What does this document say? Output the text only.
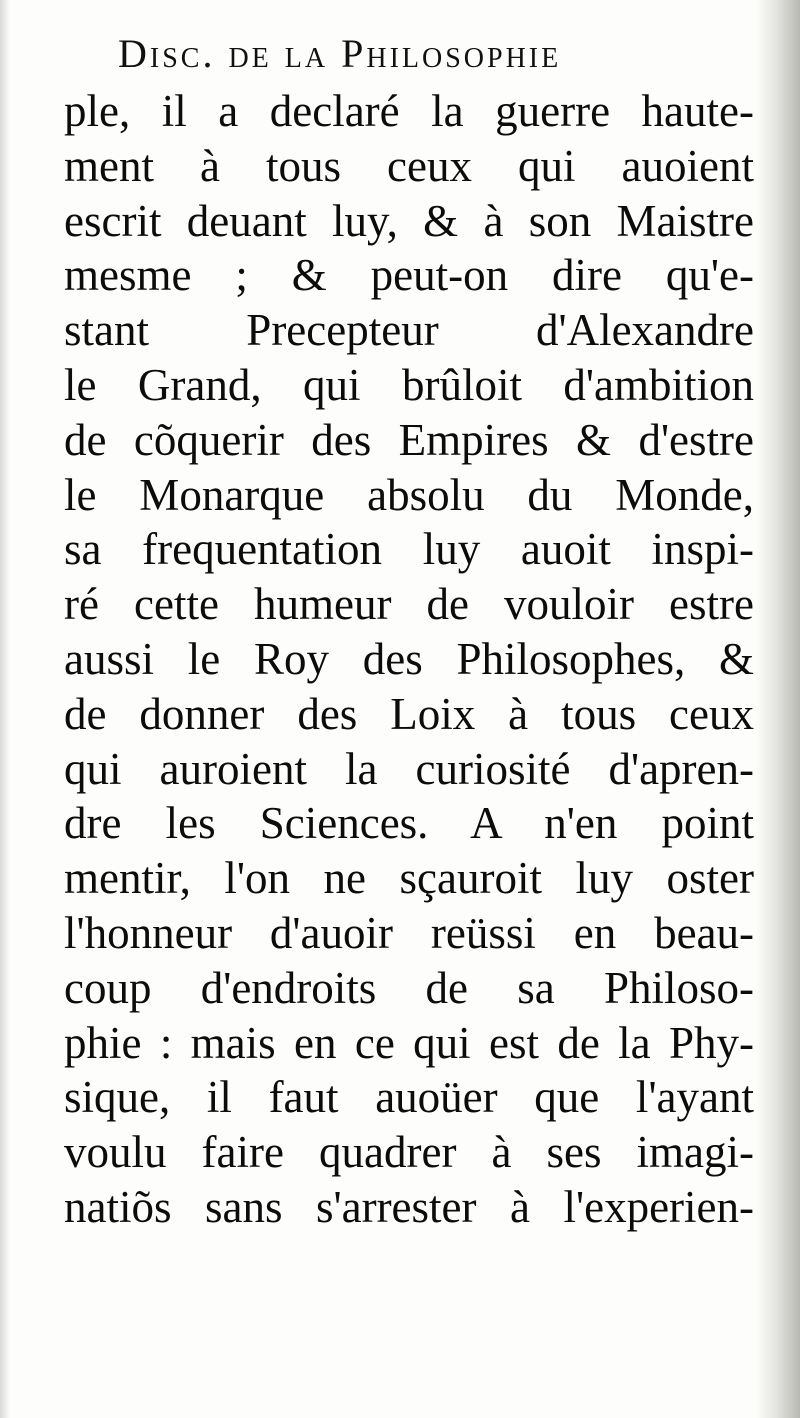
Disc. de la Philosophie
ple, il a declaré la guerre haute-
ment à tous ceux qui auoient
escrit deuant luy, & à son Maistre
mesme ; & peut-on dire qu'e-
stant Precepteur d'Alexandre
le Grand, qui brûloit d'ambition
de cõquerir des Empires & d'estre
le Monarque absolu du Monde,
sa frequentation luy auoit inspi-
ré cette humeur de vouloir estre
aussi le Roy des Philosophes, &
de donner des Loix à tous ceux
qui auroient la curiosité d'apren-
dre les Sciences. A n'en point
mentir, l'on ne sçauroit luy oster
l'honneur d'auoir reüssi en beau-
coup d'endroits de sa Philoso-
phie : mais en ce qui est de la Phy-
sique, il faut auoüer que l'ayant
voulu faire quadrer à ses imagi-
natiõs sans s'arrester à l'experien-
